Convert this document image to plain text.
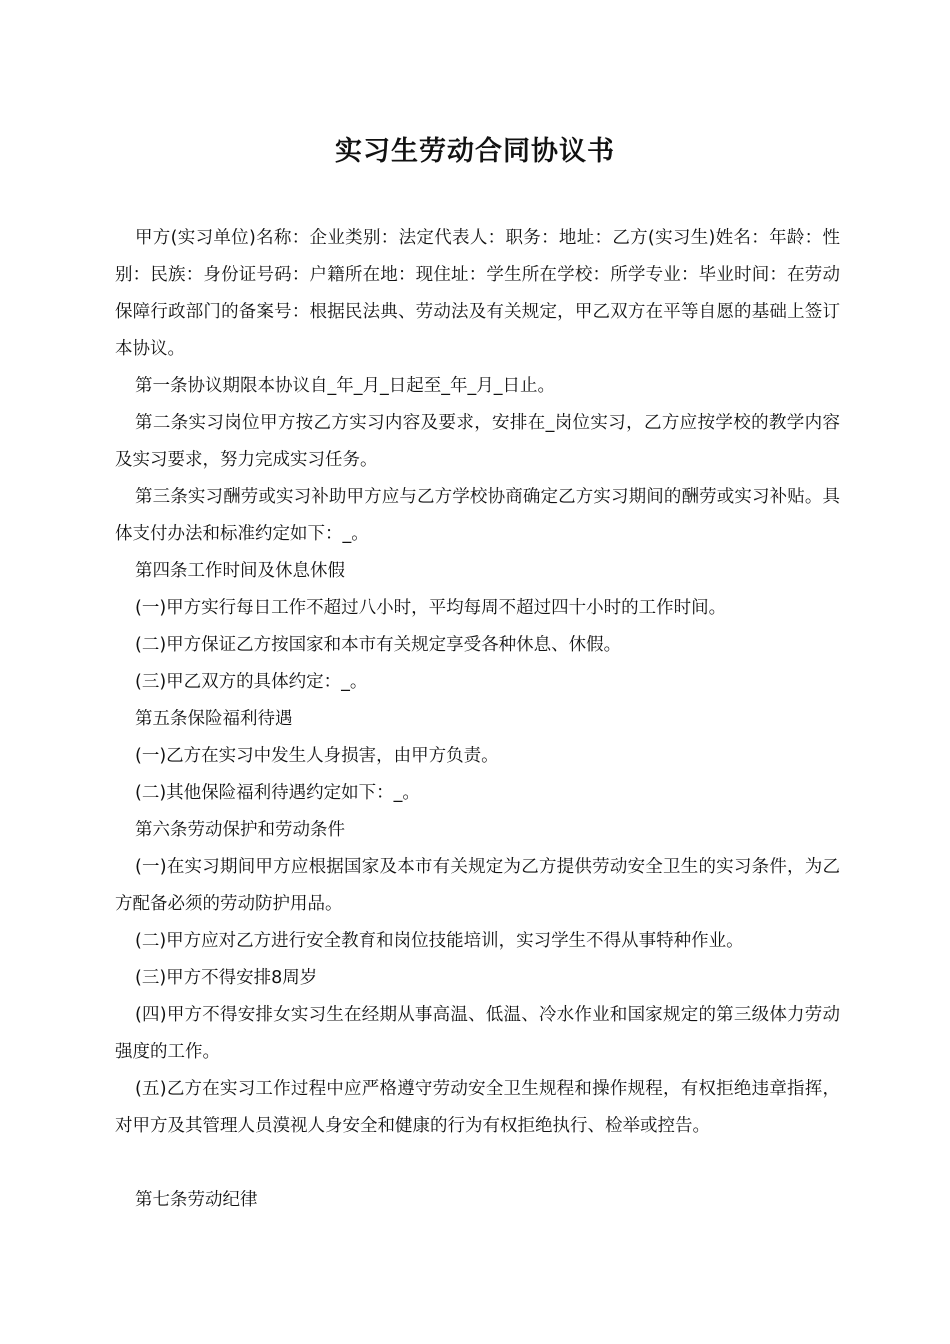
实习生劳动合同协议书

甲方(实习单位)名称：企业类别：法定代表人：职务：地址：乙方(实习生)姓名：年龄：性别：民族：身份证号码：户籍所在地：现住址：学生所在学校：所学专业：毕业时间：在劳动保障行政部门的备案号：根据民法典、劳动法及有关规定，甲乙双方在平等自愿的基础上签订本协议。

第一条协议期限本协议自_年_月_日起至_年_月_日止。

第二条实习岗位甲方按乙方实习内容及要求，安排在_岗位实习，乙方应按学校的教学内容及实习要求，努力完成实习任务。

第三条实习酬劳或实习补助甲方应与乙方学校协商确定乙方实习期间的酬劳或实习补贴。具体支付办法和标准约定如下：_。

第四条工作时间及休息休假

(一)甲方实行每日工作不超过八小时，平均每周不超过四十小时的工作时间。

(二)甲方保证乙方按国家和本市有关规定享受各种休息、休假。

(三)甲乙双方的具体约定：_。

第五条保险福利待遇

(一)乙方在实习中发生人身损害，由甲方负责。

(二)其他保险福利待遇约定如下：_。

第六条劳动保护和劳动条件

(一)在实习期间甲方应根据国家及本市有关规定为乙方提供劳动安全卫生的实习条件，为乙方配备必须的劳动防护用品。

(二)甲方应对乙方进行安全教育和岗位技能培训，实习学生不得从事特种作业。

(三)甲方不得安排8周岁

(四)甲方不得安排女实习生在经期从事高温、低温、冷水作业和国家规定的第三级体力劳动强度的工作。

(五)乙方在实习工作过程中应严格遵守劳动安全卫生规程和操作规程，有权拒绝违章指挥，对甲方及其管理人员漠视人身安全和健康的行为有权拒绝执行、检举或控告。

第七条劳动纪律
